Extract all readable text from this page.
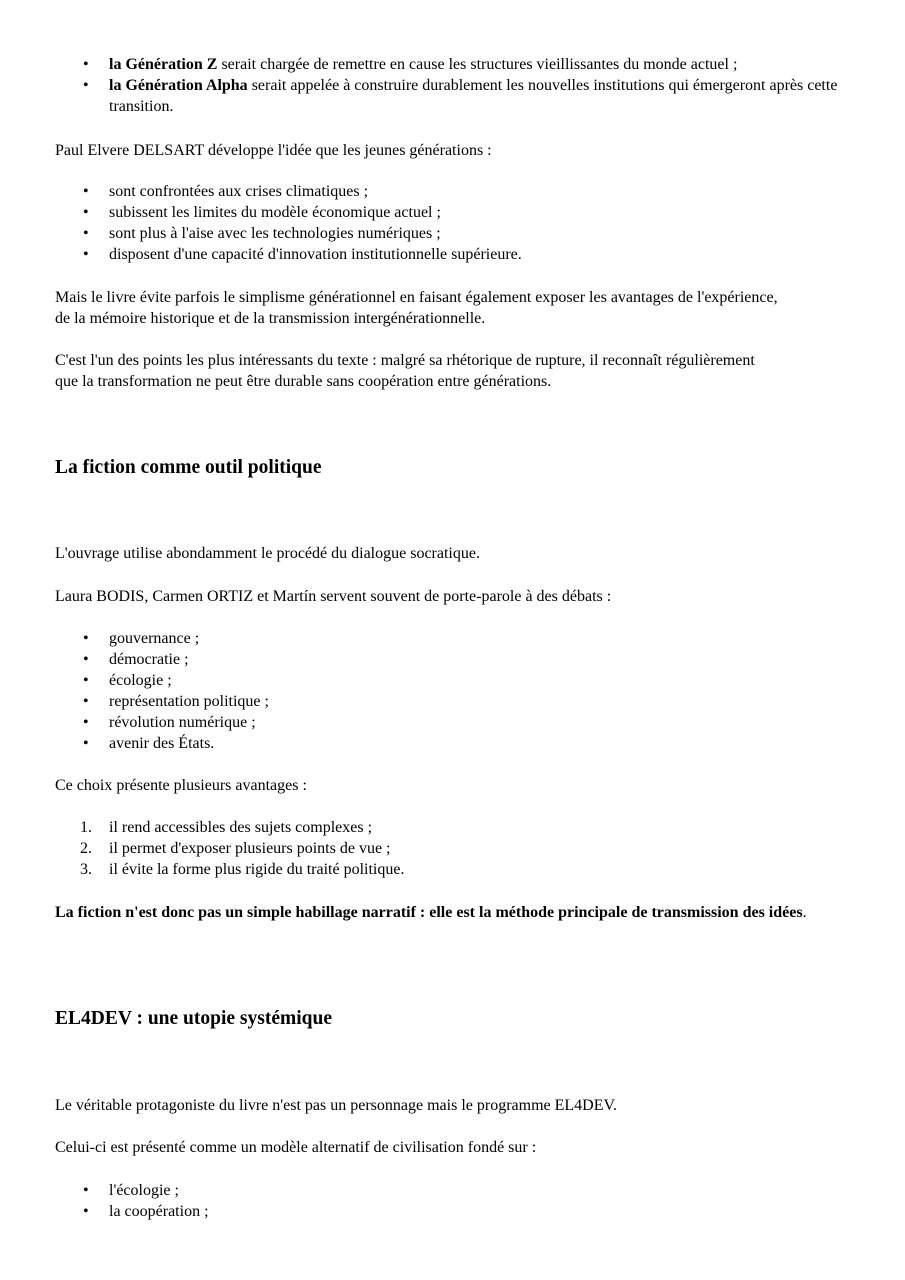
• la Génération Z serait chargée de remettre en cause les structures vieillissantes du monde actuel ;
• la Génération Alpha serait appelée à construire durablement les nouvelles institutions qui émergeront après cette transition.

Paul Elvere DELSART développe l'idée que les jeunes générations :

• sont confrontées aux crises climatiques ;
• subissent les limites du modèle économique actuel ;
• sont plus à l'aise avec les technologies numériques ;
• disposent d'une capacité d'innovation institutionnelle supérieure.

Mais le livre évite parfois le simplisme générationnel en faisant également exposer les avantages de l'expérience, de la mémoire historique et de la transmission intergénérationnelle.

C'est l'un des points les plus intéressants du texte : malgré sa rhétorique de rupture, il reconnaît régulièrement que la transformation ne peut être durable sans coopération entre générations.

La fiction comme outil politique

L'ouvrage utilise abondamment le procédé du dialogue socratique.

Laura BODIS, Carmen ORTIZ et Martín servent souvent de porte-parole à des débats :

• gouvernance ;
• démocratie ;
• écologie ;
• représentation politique ;
• révolution numérique ;
• avenir des États.

Ce choix présente plusieurs avantages :

1. il rend accessibles des sujets complexes ;
2. il permet d'exposer plusieurs points de vue ;
3. il évite la forme plus rigide du traité politique.

La fiction n'est donc pas un simple habillage narratif : elle est la méthode principale de transmission des idées.

EL4DEV : une utopie systémique

Le véritable protagoniste du livre n'est pas un personnage mais le programme EL4DEV.

Celui-ci est présenté comme un modèle alternatif de civilisation fondé sur :

• l'écologie ;
• la coopération ;
